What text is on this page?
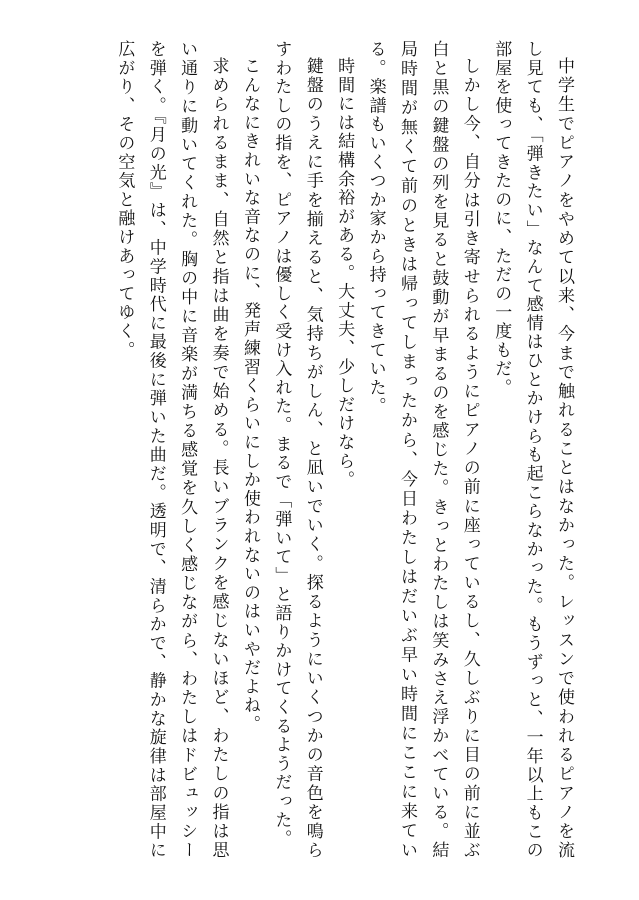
中学生でピアノをやめて以来、今まで触れることはなかった。レッスンで使われるピアノを流し見ても、「弾きたい」なんて感情はひとかけらも起こらなかった。もうずっと、一年以上もこの部屋を使ってきたのに、ただの一度もだ。

しかし今、自分は引き寄せられるようにピアノの前に座っているし、久しぶりに目の前に並ぶ白と黒の鍵盤の列を見ると鼓動が早まるのを感じた。きっとわたしは笑みさえ浮かべている。結局時間が無くて前のときは帰ってしまったから、今日わたしはだいぶ早い時間にここに来ている。楽譜もいくつか家から持ってきていた。

時間には結構余裕がある。大丈夫、少しだけなら。

鍵盤のうえに手を揃えると、気持ちがしん、と凪いでいく。探るようにいくつかの音色を鳴らすわたしの指を、ピアノは優しく受け入れた。まるで「弾いて」と語りかけてくるようだった。

こんなにきれいな音なのに、発声練習くらいにしか使われないのはいやだよね。

求められるまま、自然と指は曲を奏で始める。長いブランクを感じないほど、わたしの指は思い通りに動いてくれた。胸の中に音楽が満ちる感覚を久しく感じながら、わたしはドビュッシーを弾く。『月の光』は、中学時代に最後に弾いた曲だ。透明で、清らかで、静かな旋律は部屋中に広がり、その空気と融けあってゆく。
